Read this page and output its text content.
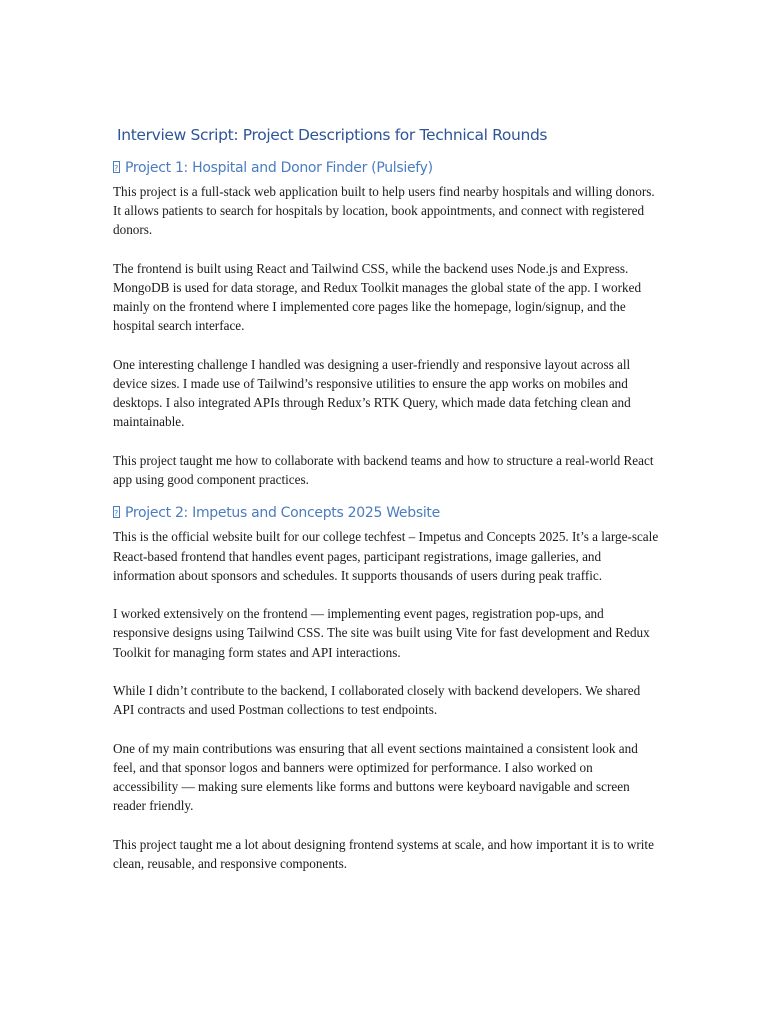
Interview Script: Project Descriptions for Technical Rounds
?Project 1: Hospital and Donor Finder (Pulsiefy)

This project is a full-stack web application built to help users find nearby hospitals and willing donors. It allows patients to search for hospitals by location, book appointments, and connect with registered donors.

The frontend is built using React and Tailwind CSS, while the backend uses Node.js and Express. MongoDB is used for data storage, and Redux Toolkit manages the global state of the app. I worked mainly on the frontend where I implemented core pages like the homepage, login/signup, and the hospital search interface.

One interesting challenge I handled was designing a user-friendly and responsive layout across all device sizes. I made use of Tailwind’s responsive utilities to ensure the app works on mobiles and desktops. I also integrated APIs through Redux’s RTK Query, which made data fetching clean and maintainable.

This project taught me how to collaborate with backend teams and how to structure a real-world React app using good component practices.

?Project 2: Impetus and Concepts 2025 Website

This is the official website built for our college techfest – Impetus and Concepts 2025. It’s a large-scale React-based frontend that handles event pages, participant registrations, image galleries, and information about sponsors and schedules. It supports thousands of users during peak traffic.

I worked extensively on the frontend — implementing event pages, registration pop-ups, and responsive designs using Tailwind CSS. The site was built using Vite for fast development and Redux Toolkit for managing form states and API interactions.

While I didn’t contribute to the backend, I collaborated closely with backend developers. We shared API contracts and used Postman collections to test endpoints.

One of my main contributions was ensuring that all event sections maintained a consistent look and feel, and that sponsor logos and banners were optimized for performance. I also worked on accessibility — making sure elements like forms and buttons were keyboard navigable and screen reader friendly.

This project taught me a lot about designing frontend systems at scale, and how important it is to write clean, reusable, and responsive components.
